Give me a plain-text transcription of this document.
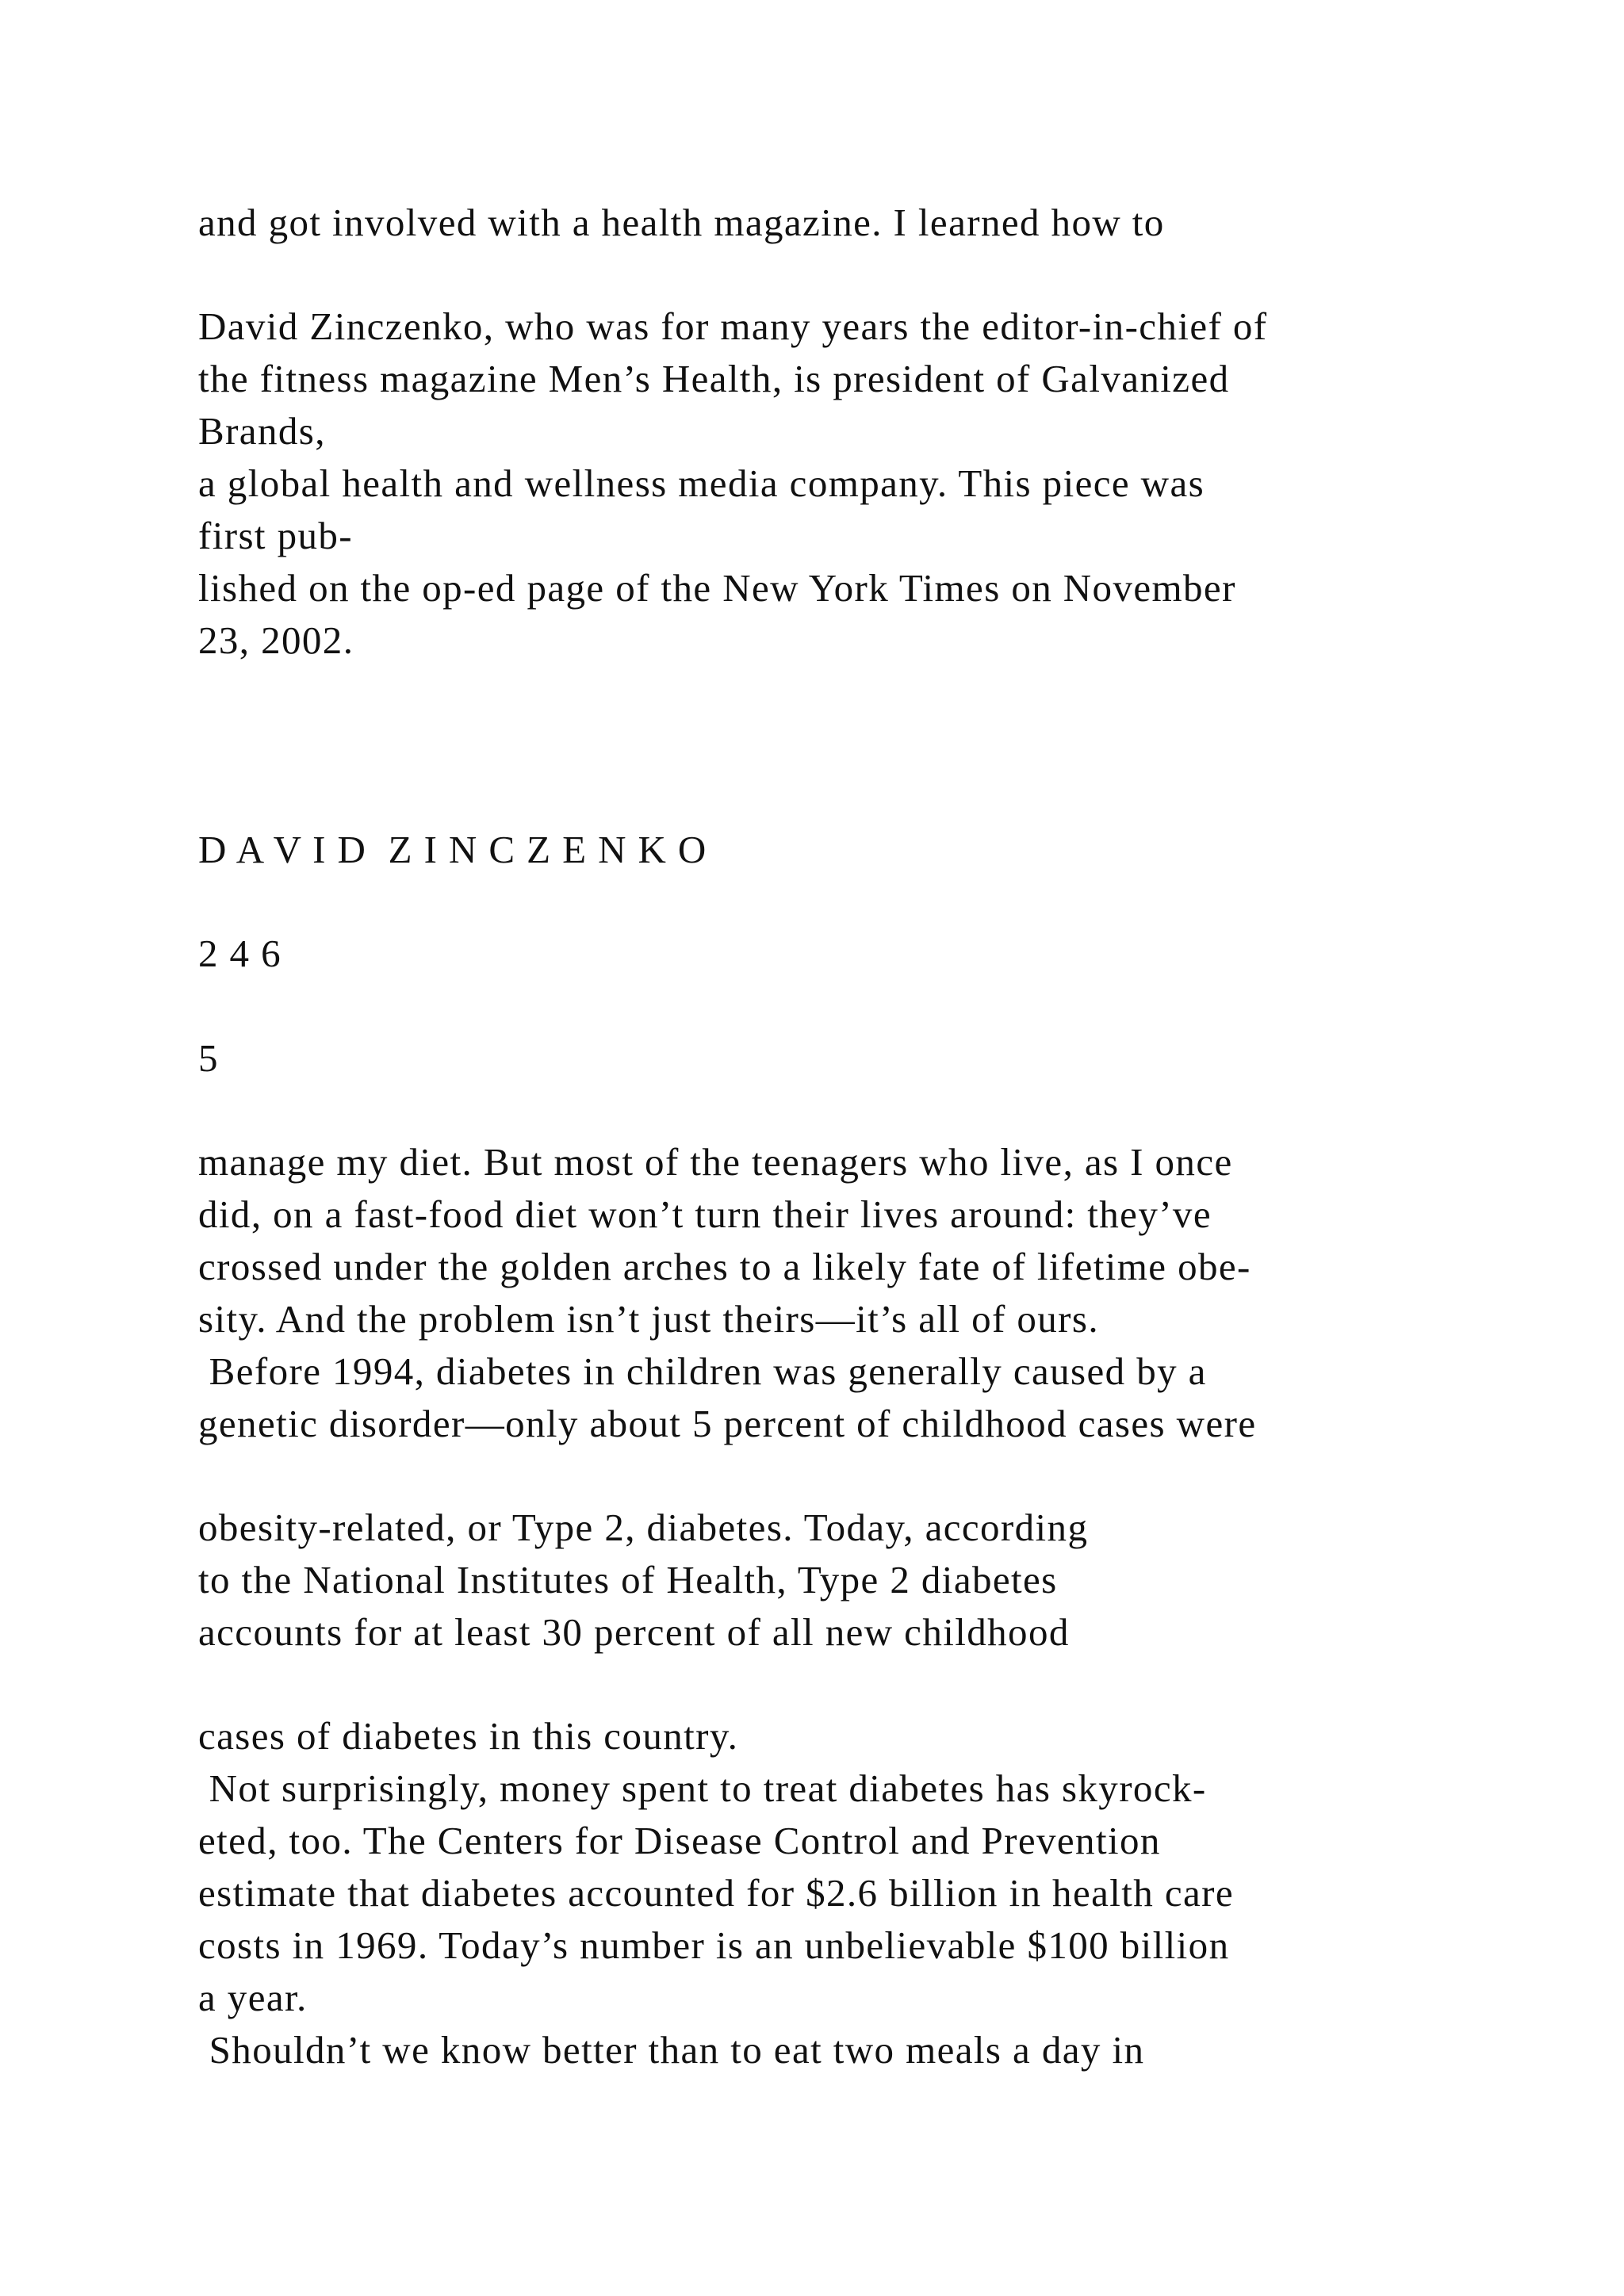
and got involved with a health magazine. I learned how to

David Zinczenko, who was for many years the editor-in-chief of

the fitness magazine Men’s Health, is president of Galvanized

Brands,

a global health and wellness media company. This piece was

first pub-

lished on the op-ed page of the New York Times on November

23, 2002.

D A V I D  Z I N C Z E N K O

2 4 6

5

manage my diet. But most of the teenagers who live, as I once

did, on a fast-food diet won’t turn their lives around: they’ve

crossed under the golden arches to a likely fate of lifetime obe-

sity. And the problem isn’t just theirs—it’s all of ours.

Before 1994, diabetes in children was generally caused by a

genetic disorder—only about 5 percent of childhood cases were

obesity-related, or Type 2, diabetes. Today, according

to the National Institutes of Health, Type 2 diabetes

accounts for at least 30 percent of all new childhood

cases of diabetes in this country.

Not surprisingly, money spent to treat diabetes has skyrock-

eted, too. The Centers for Disease Control and Prevention

estimate that diabetes accounted for $2.6 billion in health care

costs in 1969. Today’s number is an unbelievable $100 billion

a year.

Shouldn’t we know better than to eat two meals a day in
